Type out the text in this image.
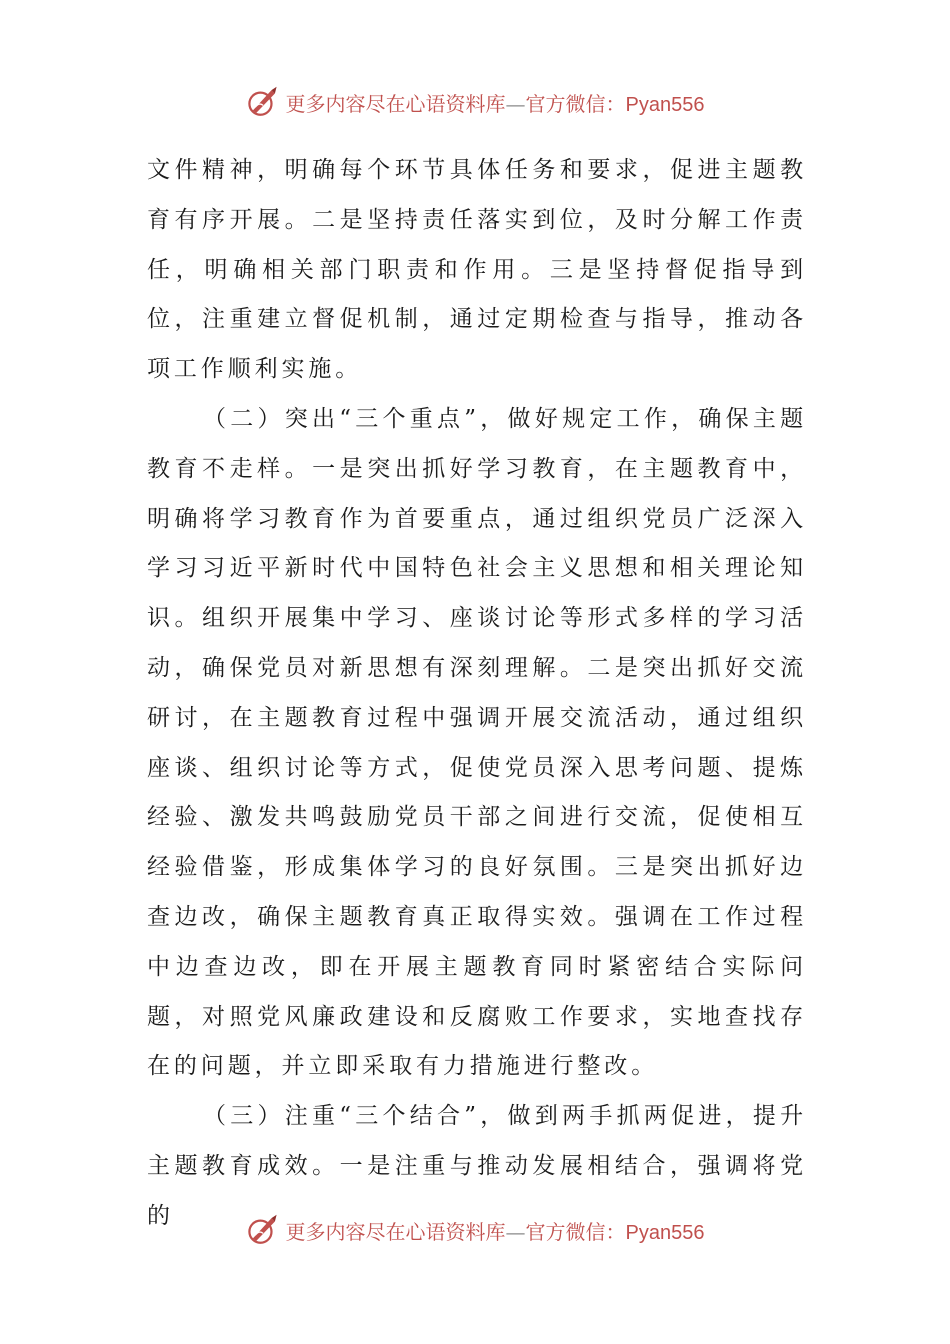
更多内容尽在心语资料库—官方微信：Pyan556

文件精神，明确每个环节具体任务和要求，促进主题教育有序开展。二是坚持责任落实到位，及时分解工作责任，明确相关部门职责和作用。三是坚持督促指导到位，注重建立督促机制，通过定期检查与指导，推动各项工作顺利实施。

（二）突出“三个重点”，做好规定工作，确保主题教育不走样。一是突出抓好学习教育，在主题教育中，明确将学习教育作为首要重点，通过组织党员广泛深入学习习近平新时代中国特色社会主义思想和相关理论知识。组织开展集中学习、座谈讨论等形式多样的学习活动，确保党员对新思想有深刻理解。二是突出抓好交流研讨，在主题教育过程中强调开展交流活动，通过组织座谈、组织讨论等方式，促使党员深入思考问题、提炼经验、激发共鸣鼓励党员干部之间进行交流，促使相互经验借鉴，形成集体学习的良好氛围。三是突出抓好边查边改，确保主题教育真正取得实效。强调在工作过程中边查边改，即在开展主题教育同时紧密结合实际问题，对照党风廉政建设和反腐败工作要求，实地查找存在的问题，并立即采取有力措施进行整改。

（三）注重“三个结合”，做到两手抓两促进，提升主题教育成效。一是注重与推动发展相结合，强调将党的

更多内容尽在心语资料库—官方微信：Pyan556
